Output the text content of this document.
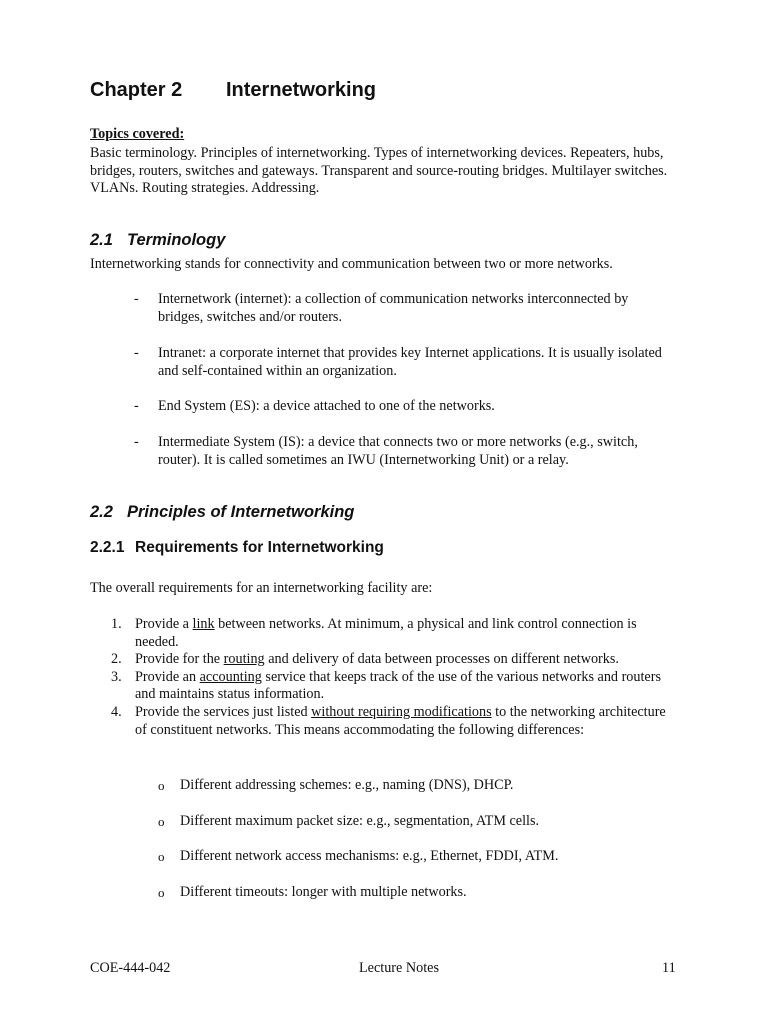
Chapter 2 Internetworking
Topics covered:
Basic terminology. Principles of internetworking. Types of internetworking devices. Repeaters, hubs, bridges, routers, switches and gateways. Transparent and source-routing bridges. Multilayer switches. VLANs. Routing strategies. Addressing.
2.1 Terminology
Internetworking stands for connectivity and communication between two or more networks.
- Internetwork (internet): a collection of communication networks interconnected by bridges, switches and/or routers.
- Intranet: a corporate internet that provides key Internet applications. It is usually isolated and self-contained within an organization.
- End System (ES): a device attached to one of the networks.
- Intermediate System (IS): a device that connects two or more networks (e.g., switch, router). It is called sometimes an IWU (Internetworking Unit) or a relay.
2.2 Principles of Internetworking
2.2.1 Requirements for Internetworking
The overall requirements for an internetworking facility are:
1. Provide a link between networks. At minimum, a physical and link control connection is needed.
2. Provide for the routing and delivery of data between processes on different networks.
3. Provide an accounting service that keeps track of the use of the various networks and routers and maintains status information.
4. Provide the services just listed without requiring modifications to the networking architecture of constituent networks. This means accommodating the following differences:
o Different addressing schemes: e.g., naming (DNS), DHCP.
o Different maximum packet size: e.g., segmentation, ATM cells.
o Different network access mechanisms: e.g., Ethernet, FDDI, ATM.
o Different timeouts: longer with multiple networks.
COE-444-042	Lecture Notes	11
